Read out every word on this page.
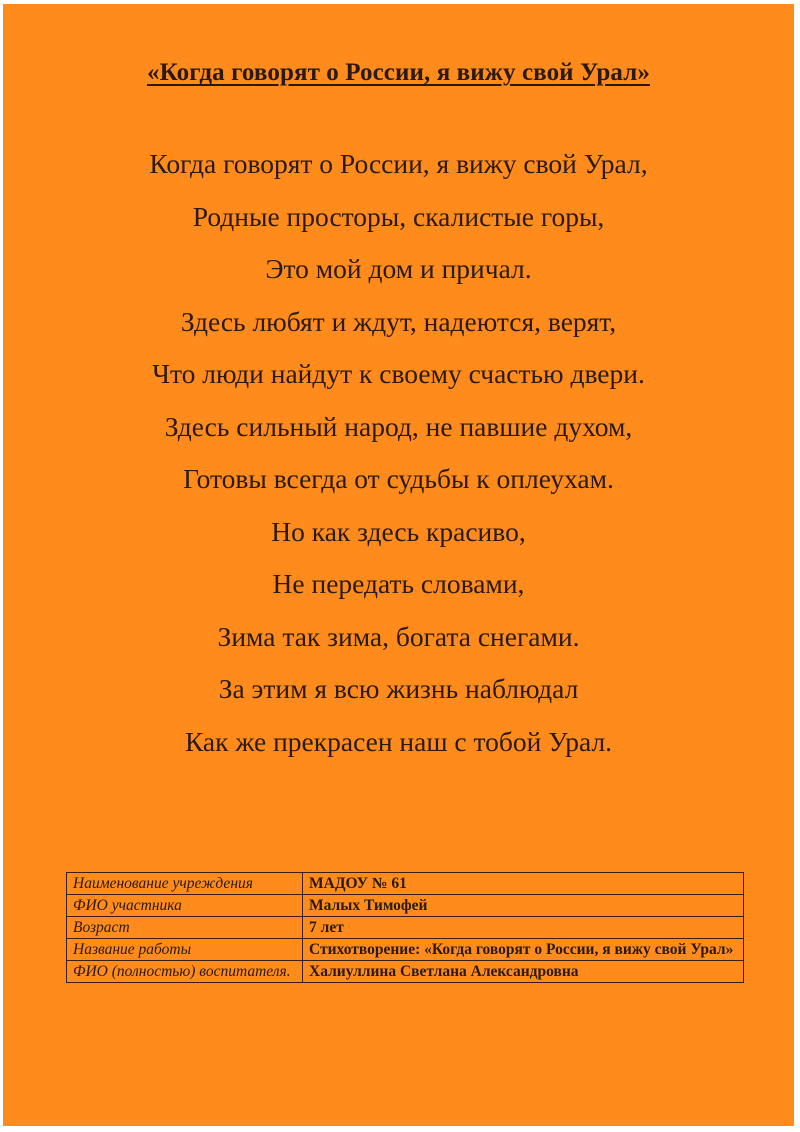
«Когда говорят о России, я вижу свой Урал»
Когда говорят о России, я вижу свой Урал,
Родные просторы, скалистые горы,
Это мой дом и причал.
Здесь любят и ждут, надеются, верят,
Что люди найдут к своему счастью двери.
Здесь сильный народ, не павшие духом,
Готовы всегда от судьбы к оплеухам.
Но как здесь красиво,
Не передать словами,
Зима так зима, богата снегами.
За этим я всю жизнь наблюдал
Как же прекрасен наш с тобой Урал.
Наименование учреждения	МАДОУ № 61
ФИО участника	Малых Тимофей
Возраст	7 лет
Название работы	Стихотворение: «Когда говорят о России, я вижу свой Урал»
ФИО (полностью) воспитателя.	Халиуллина Светлана Александровна
